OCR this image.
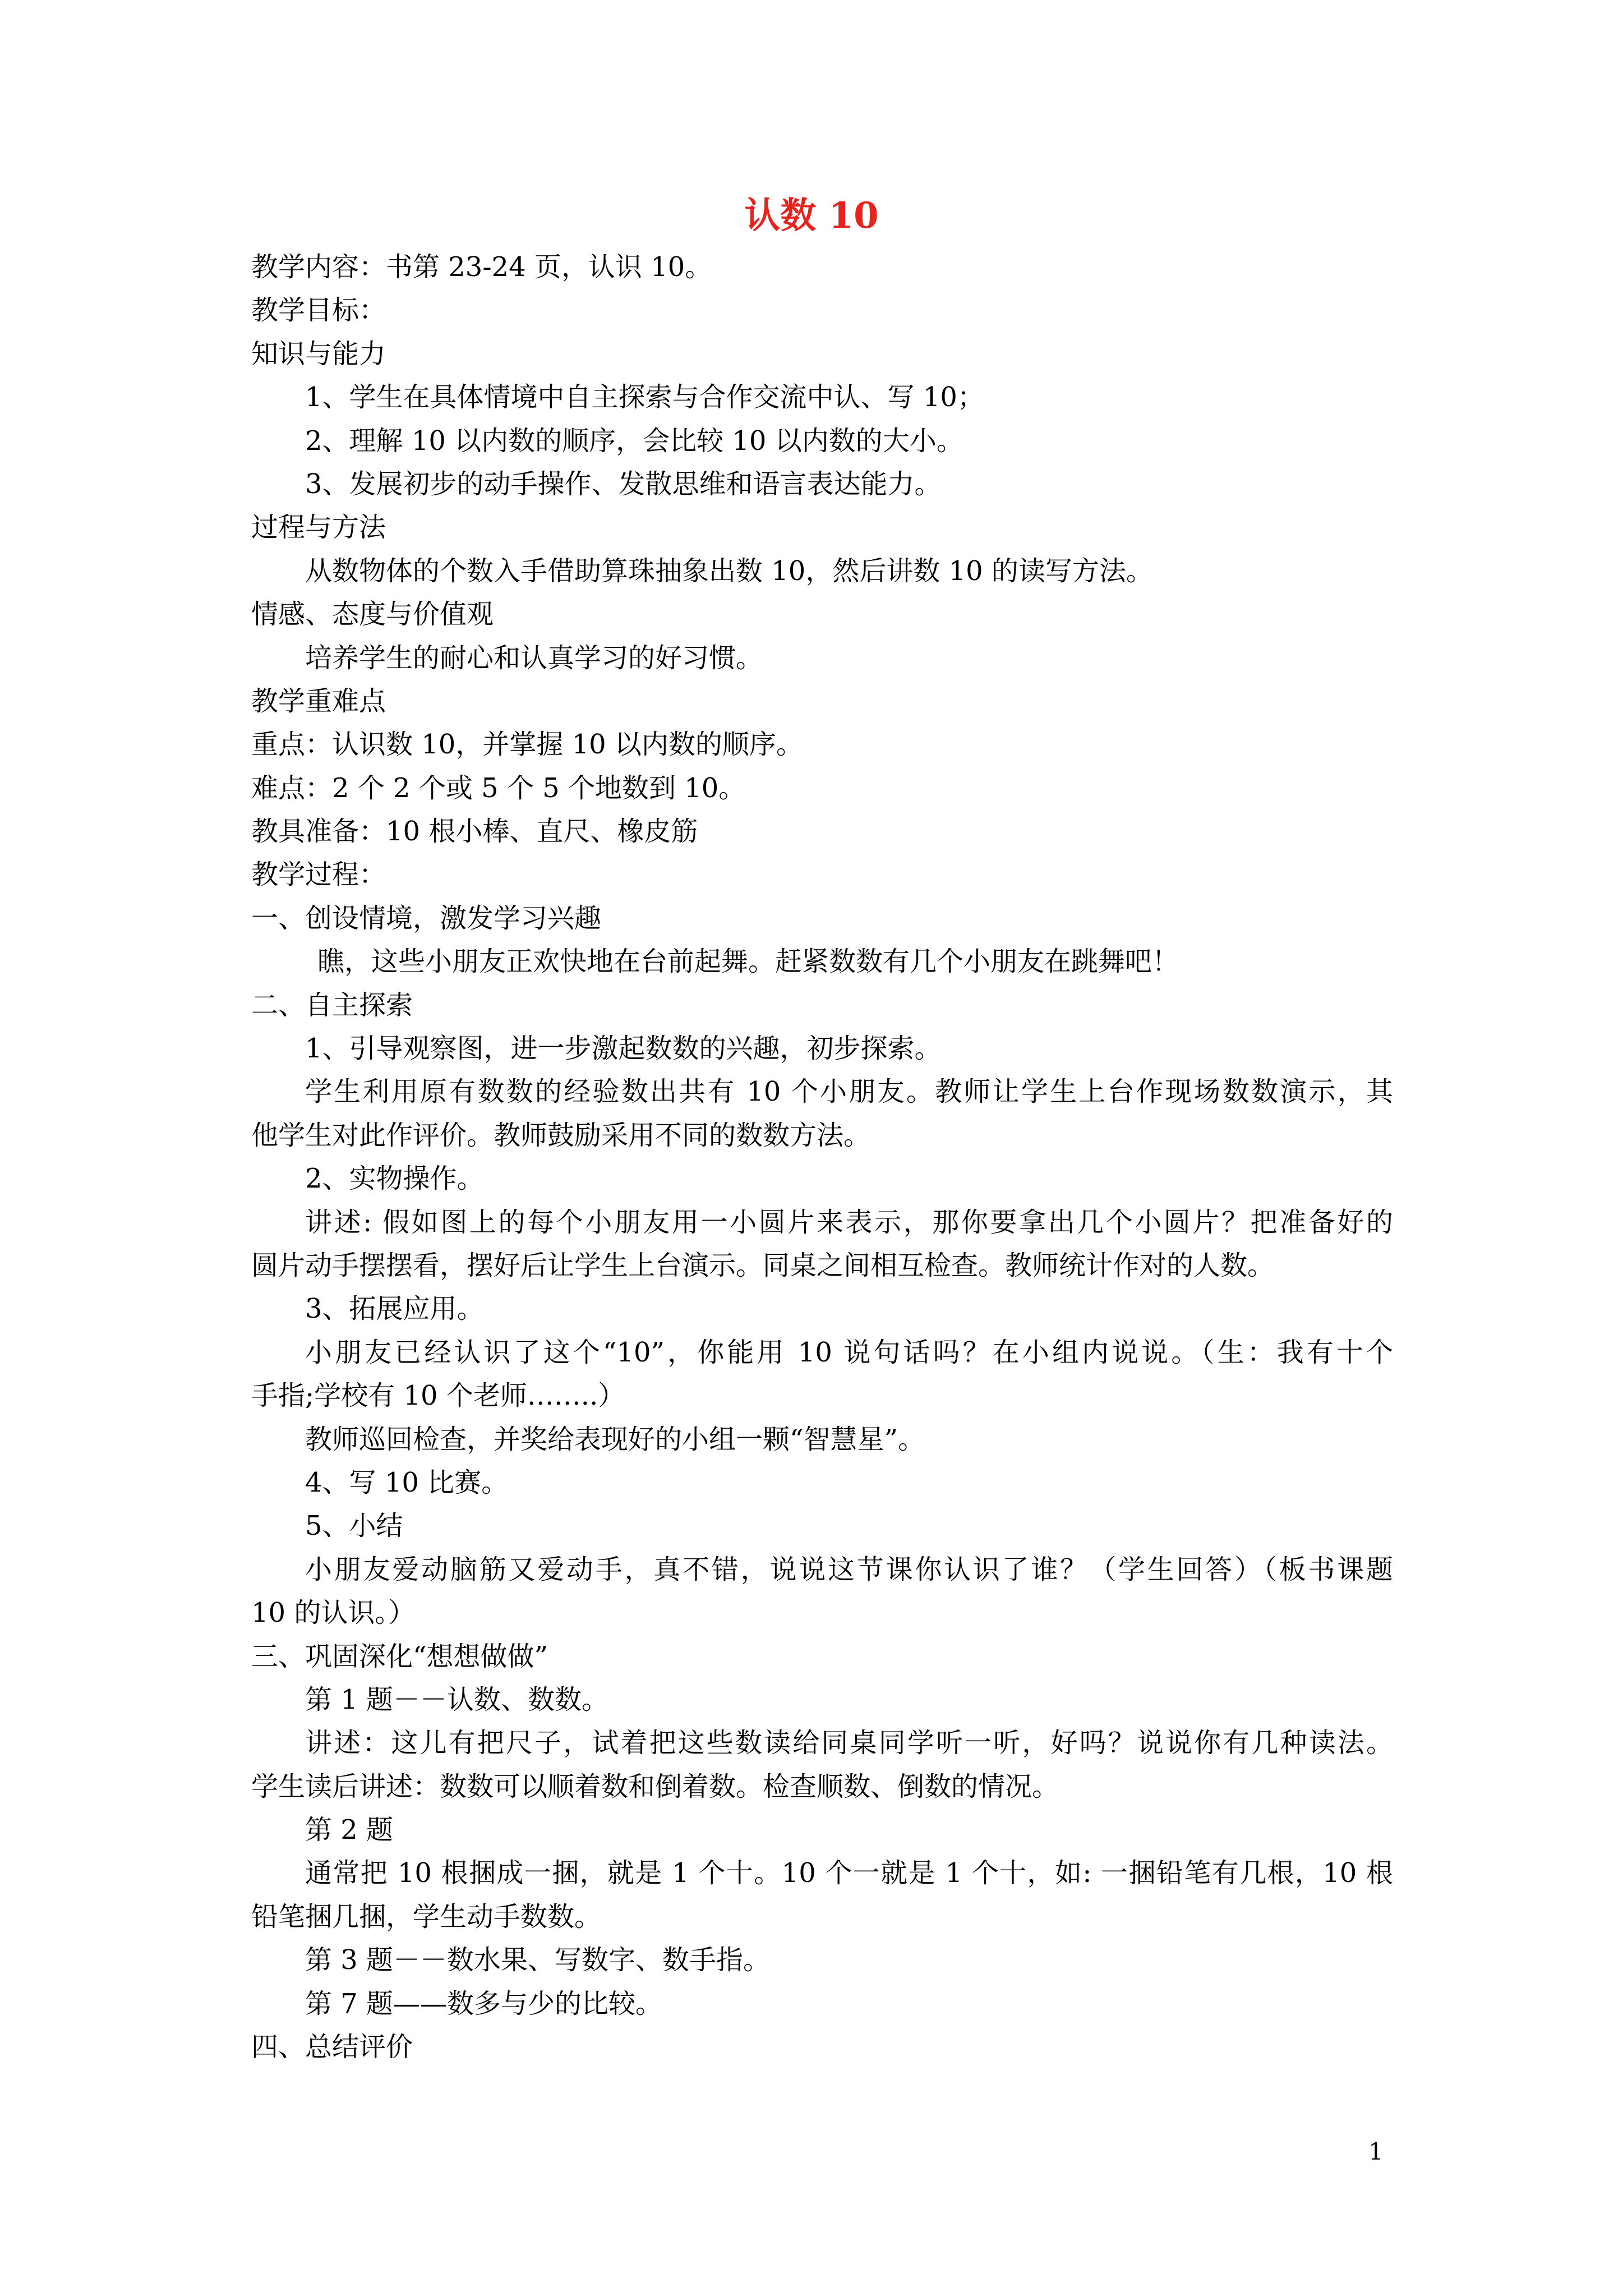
认数 10

教学内容：书第 23-24 页，认识 10。

教学目标：

知识与能力

1、学生在具体情境中自主探索与合作交流中认、写 10；

2、理解 10 以内数的顺序，会比较 10 以内数的大小。

3、发展初步的动手操作、发散思维和语言表达能力。

过程与方法

从数物体的个数入手借助算珠抽象出数 10，然后讲数 10 的读写方法。

情感、态度与价值观

培养学生的耐心和认真学习的好习惯。

教学重难点

重点：认识数 10，并掌握 10 以内数的顺序。

难点：2 个 2 个或 5 个 5 个地数到 10。

教具准备：10 根小棒、直尺、橡皮筋

教学过程：

一、创设情境，激发学习兴趣

瞧，这些小朋友正欢快地在台前起舞。赶紧数数有几个小朋友在跳舞吧！

二、自主探索

1、引导观察图，进一步激起数数的兴趣，初步探索。

学生利用原有数数的经验数出共有 10 个小朋友。教师让学生上台作现场数数演示，其

他学生对此作评价。教师鼓励采用不同的数数方法。

2、实物操作。

讲述: 假如图上的每个小朋友用一小圆片来表示，那你要拿出几个小圆片？把准备好的

圆片动手摆摆看，摆好后让学生上台演示。同桌之间相互检查。教师统计作对的人数。

3、拓展应用。

小朋友已经认识了这个“10”，你能用 10 说句话吗？在小组内说说。（生：我有十个

手指;学校有 10 个老师……..）

教师巡回检查，并奖给表现好的小组一颗“智慧星”。

4、写 10 比赛。

5、小结

小朋友爱动脑筋又爱动手，真不错，说说这节课你认识了谁？（学生回答）（板书课题

10 的认识。）

三、巩固深化“想想做做”

第 1 题－－认数、数数。

讲述：这儿有把尺子，试着把这些数读给同桌同学听一听，好吗？说说你有几种读法。

学生读后讲述：数数可以顺着数和倒着数。检查顺数、倒数的情况。

第 2 题

通常把 10 根捆成一捆，就是 1 个十。10 个一就是 1 个十，如: 一捆铅笔有几根，10 根

铅笔捆几捆，学生动手数数。

第 3 题－－数水果、写数字、数手指。

第 7 题——数多与少的比较。

四、总结评价

1
